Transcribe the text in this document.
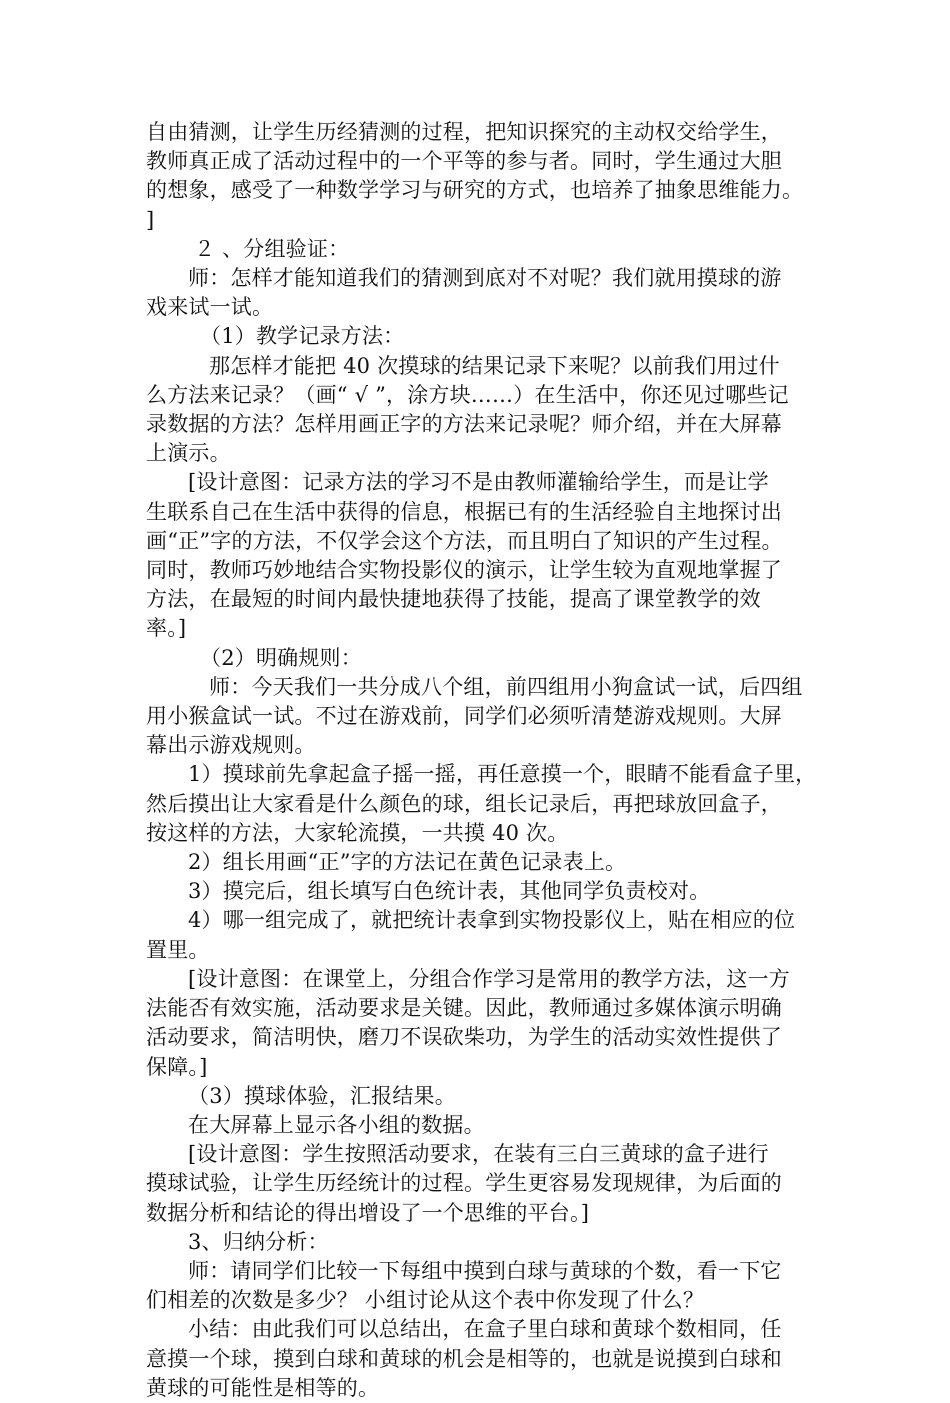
自由猜测，让学生历经猜测的过程，把知识探究的主动权交给学生，
教师真正成了活动过程中的一个平等的参与者。同时，学生通过大胆
的想象，感受了一种数学学习与研究的方式，也培养了抽象思维能力。
]
２ 、分组验证：
师：怎样才能知道我们的猜测到底对不对呢？我们就用摸球的游
戏来试一试。
（1）教学记录方法：
那怎样才能把 40 次摸球的结果记录下来呢？以前我们用过什
么方法来记录？（画“ √ ”，涂方块……）在生活中，你还见过哪些记
录数据的方法？怎样用画正字的方法来记录呢？师介绍，并在大屏幕
上演示。
[设计意图：记录方法的学习不是由教师灌输给学生，而是让学
生联系自己在生活中获得的信息，根据已有的生活经验自主地探讨出
画“正”字的方法，不仅学会这个方法，而且明白了知识的产生过程。
同时，教师巧妙地结合实物投影仪的演示，让学生较为直观地掌握了
方法，在最短的时间内最快捷地获得了技能，提高了课堂教学的效
率。]
（2）明确规则：
师：今天我们一共分成八个组，前四组用小狗盒试一试，后四组
用小猴盒试一试。不过在游戏前，同学们必须听清楚游戏规则。大屏
幕出示游戏规则。
1）摸球前先拿起盒子摇一摇，再任意摸一个，眼睛不能看盒子里，
然后摸出让大家看是什么颜色的球，组长记录后，再把球放回盒子，
按这样的方法，大家轮流摸，一共摸 40 次。
2）组长用画“正”字的方法记在黄色记录表上。
3）摸完后，组长填写白色统计表，其他同学负责校对。
4）哪一组完成了，就把统计表拿到实物投影仪上，贴在相应的位
置里。
[设计意图：在课堂上，分组合作学习是常用的教学方法，这一方
法能否有效实施，活动要求是关键。因此，教师通过多媒体演示明确
活动要求，简洁明快，磨刀不误砍柴功，为学生的活动实效性提供了
保障。]
（3）摸球体验，汇报结果。
在大屏幕上显示各小组的数据。
[设计意图：学生按照活动要求，在装有三白三黄球的盒子进行
摸球试验，让学生历经统计的过程。学生更容易发现规律，为后面的
数据分析和结论的得出增设了一个思维的平台。]
3、归纳分析：
师：请同学们比较一下每组中摸到白球与黄球的个数，看一下它
们相差的次数是多少？ 小组讨论从这个表中你发现了什么？
小结：由此我们可以总结出，在盒子里白球和黄球个数相同，任
意摸一个球，摸到白球和黄球的机会是相等的，也就是说摸到白球和
黄球的可能性是相等的。
